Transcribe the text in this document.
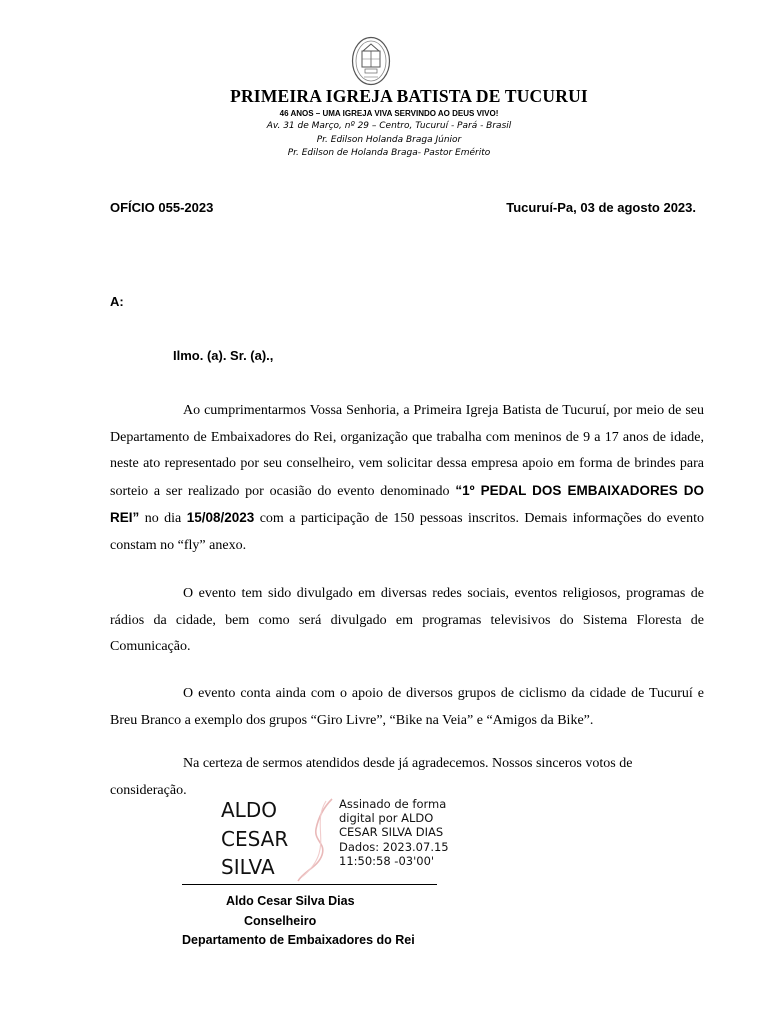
PRIMEIRA IGREJA BATISTA DE TUCURUI
46 ANOS – UMA IGREJA VIVA SERVINDO AO DEUS VIVO!
Av. 31 de Março, nº 29 – Centro, Tucuruí - Pará - Brasil
Pr. Edilson Holanda Braga Júnior
Pr. Edilson de Holanda Braga- Pastor Emérito
OFÍCIO 055-2023	Tucuruí-Pa, 03 de agosto 2023.
A:
Ilmo. (a). Sr. (a).,

Ao cumprimentarmos Vossa Senhoria, a Primeira Igreja Batista de Tucuruí, por meio de seu Departamento de Embaixadores do Rei, organização que trabalha com meninos de 9 a 17 anos de idade, neste ato representado por seu conselheiro, vem solicitar dessa empresa apoio em forma de brindes para sorteio a ser realizado por ocasião do evento denominado “1º PEDAL DOS EMBAIXADORES DO REI” no dia 15/08/2023 com a participação de 150 pessoas inscritos. Demais informações do evento constam no “fly” anexo.

O evento tem sido divulgado em diversas redes sociais, eventos religiosos, programas de rádios da cidade, bem como será divulgado em programas televisivos do Sistema Floresta de Comunicação.

O evento conta ainda com o apoio de diversos grupos de ciclismo da cidade de Tucuruí e Breu Branco a exemplo dos grupos “Giro Livre”, “Bike na Veia” e “Amigos da Bike”.

Na certeza de sermos atendidos desde já agradecemos. Nossos sinceros votos de consideração.

ALDO
CESAR
SILVA
Assinado de forma
digital por ALDO
CESAR SILVA DIAS
Dados: 2023.07.15
11:50:58 -03'00'
Aldo Cesar Silva Dias
Conselheiro
Departamento de Embaixadores do Rei
